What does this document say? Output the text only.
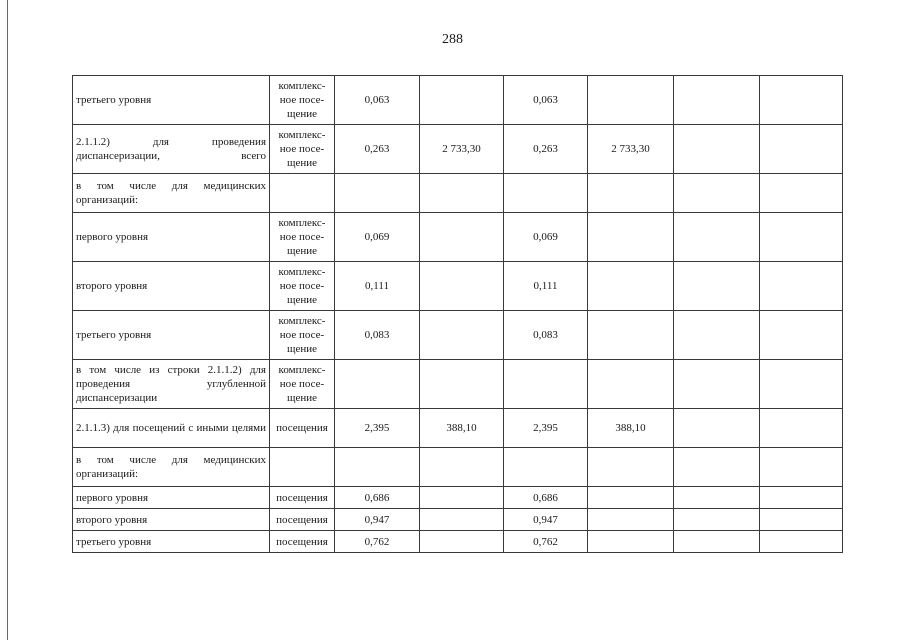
288
третьего уровня	комплекс-
ное посе-
щение	0,063		0,063			
2.1.1.2) для проведения диспансеризации, всего	комплекс-
ное посе-
щение	0,263	2 733,30	0,263	2 733,30		
в том числе для медицинских организаций:							
первого уровня	комплекс-
ное посе-
щение	0,069		0,069			
второго уровня	комплекс-
ное посе-
щение	0,111		0,111			
третьего уровня	комплекс-
ное посе-
щение	0,083		0,083			
в том числе из строки 2.1.1.2) для проведения углубленной диспансеризации	комплекс-
ное посе-
щение						
2.1.1.3) для посещений с иными целями	посещения	2,395	388,10	2,395	388,10		
в том числе для медицинских организаций:							
первого уровня	посещения	0,686		0,686			
второго уровня	посещения	0,947		0,947			
третьего уровня	посещения	0,762		0,762			
